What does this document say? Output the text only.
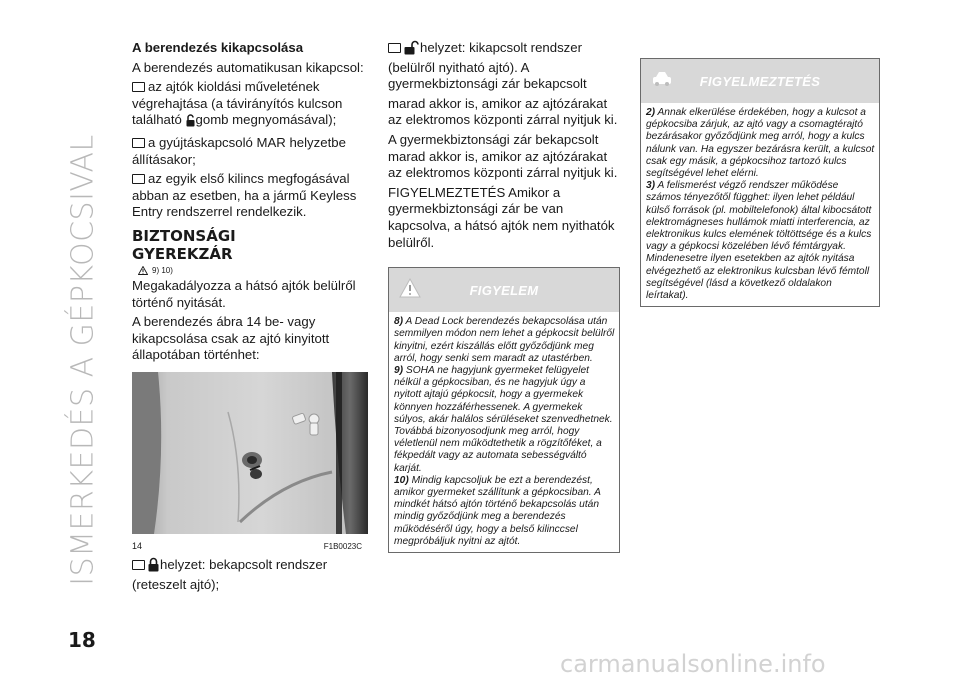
ISMERKEDÉS A GÉPKOCSIVAL
A berendezés kikapcsolása
A berendezés automatikusan kikapcsol:
az ajtók kioldási műveletének végrehajtása (a távirányítós kulcson található gomb megnyomásával);
a gyújtáskapcsoló MAR helyzetbe állításakor;
az egyik első kilincs megfogásával abban az esetben, ha a jármű Keyless Entry rendszerrel rendelkezik.
BIZTONSÁGI
GYEREKZÁR
9) 10)
Megakadályozza a hátsó ajtók belülről történő nyitását.
A berendezés ábra 14 be- vagy kikapcsolása csak az ajtó kinyitott állapotában történhet:
14	F1B0023C
helyzet: bekapcsolt rendszer (reteszelt ajtó);
helyzet: kikapcsolt rendszer (belülről nyitható ajtó). A gyermekbiztonsági zár bekapcsolt
marad akkor is, amikor az ajtózárakat az elektromos központi zárral nyitjuk ki.
A gyermekbiztonsági zár bekapcsolt marad akkor is, amikor az ajtózárakat az elektromos központi zárral nyitjuk ki.
FIGYELMEZTETÉS Amikor a gyermekbiztonsági zár be van kapcsolva, a hátsó ajtók nem nyithatók belülről.
FIGYELEM
8) A Dead Lock berendezés bekapcsolása után semmilyen módon nem lehet a gépkocsit belülről kinyitni, ezért kiszállás előtt győződjünk meg arról, hogy senki sem maradt az utastérben.
9) SOHA ne hagyjunk gyermeket felügyelet nélkül a gépkocsiban, és ne hagyjuk úgy a nyitott ajtajú gépkocsit, hogy a gyermekek könnyen hozzáférhessenek. A gyermekek súlyos, akár halálos sérüléseket szenvedhetnek. Továbbá bizonyosodjunk meg arról, hogy véletlenül nem működtethetik a rögzítőféket, a fékpedált vagy az automata sebességváltó karját.
10) Mindig kapcsoljuk be ezt a berendezést, amikor gyermeket szállítunk a gépkocsiban. A mindkét hátsó ajtón történő bekapcsolás után mindig győződjünk meg a berendezés működéséről úgy, hogy a belső kilinccsel megpróbáljuk nyitni az ajtót.
FIGYELMEZTETÉS
2) Annak elkerülése érdekében, hogy a kulcsot a gépkocsiba zárjuk, az ajtó vagy a csomagtérajtó bezárásakor győződjünk meg arról, hogy a kulcs nálunk van. Ha egyszer bezárásra került, a kulcsot csak egy másik, a gépkocsihoz tartozó kulcs segítségével lehet elérni.
3) A felismerést végző rendszer működése számos tényezőtől függhet: ilyen lehet például külső források (pl. mobiltelefonok) által kibocsátott elektromágneses hullámok miatti interferencia, az elektronikus kulcs elemének töltöttsége és a kulcs vagy a gépkocsi közelében lévő fémtárgyak. Mindenesetre ilyen esetekben az ajtók nyitása elvégezhető az elektronikus kulcsban lévő fémtoll segítségével (lásd a következő oldalakon leírtakat).
18
carmanualsonline.info
